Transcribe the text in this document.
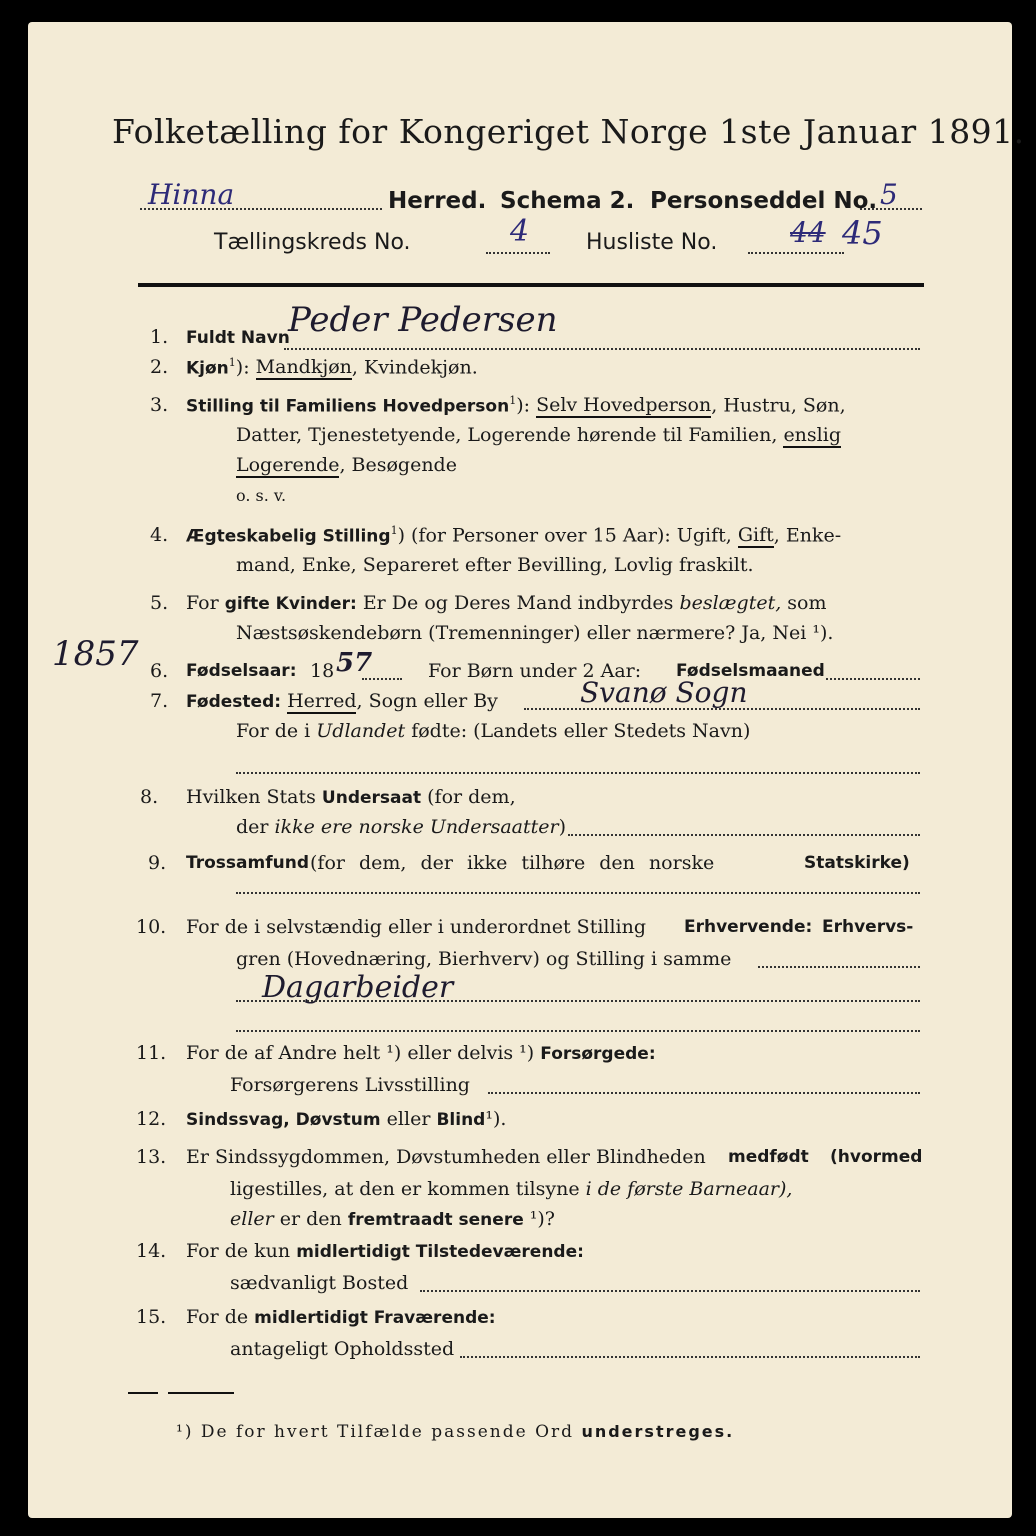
Folketælling for Kongeriget Norge 1ste Januar 1891.
Hinna	Herred. Schema 2. Personseddel No. 5
Tællingskreds No.	4	Husliste No.	44 45
1. Fuldt Navn
Peder Pedersen
2. Kjøn$^1$): Mandkjøn, Kvindekjøn.
3. Stilling til Familiens Hovedperson$^1$): Selv Hovedperson, Hustru, Søn,
Datter, Tjenestetyende, Logerende hørende til Familien, enslig
Logerende, Besøgende
o. s. v.
4. Ægteskabelig Stilling$^1$) (for Personer over 15 Aar): Ugift, Gift, Enke-
mand, Enke, Separeret efter Bevilling, Lovlig fraskilt.
5. For gifte Kvinder: Er De og Deres Mand indbyrdes beslægtet, som
Næstsøskendebørn (Tremenninger) eller nærmere? Ja, Nei ¹).
1857 6. Fødselsaar: 18 57	For Børn under 2 Aar: Fødselsmaaned
7. Fødested: Herred, Sogn eller By	Svanø Sogn
For de i Udlandet fødte: (Landets eller Stedets Navn)
8. Hvilken Stats Undersaat (for dem,
der ikke ere norske Undersaatter)
9. Trossamfund (for dem, der ikke tilhøre den norske	Statskirke)
10. For de i selvstændig eller i underordnet Stilling Erhvervende: Erhvervs-
gren (Hovednæring, Bierhverv) og Stilling i samme
Dagarbeider
11. For de af Andre helt ¹) eller delvis ¹) Forsørgede:
Forsørgerens Livsstilling
12. Sindssvag, Døvstum eller Blind¹).
13. Er Sindssygdommen, Døvstumheden eller Blindheden medfødt (hvormed
ligestilles, at den er kommen tilsyne i de første Barneaar),
eller er den fremtraadt senere ¹)?
14. For de kun midlertidigt Tilstedeværende:
sædvanligt Bosted
15. For de midlertidigt Fraværende:
antageligt Opholdssted
¹) De for hvert Tilfælde passende Ord understreges.
